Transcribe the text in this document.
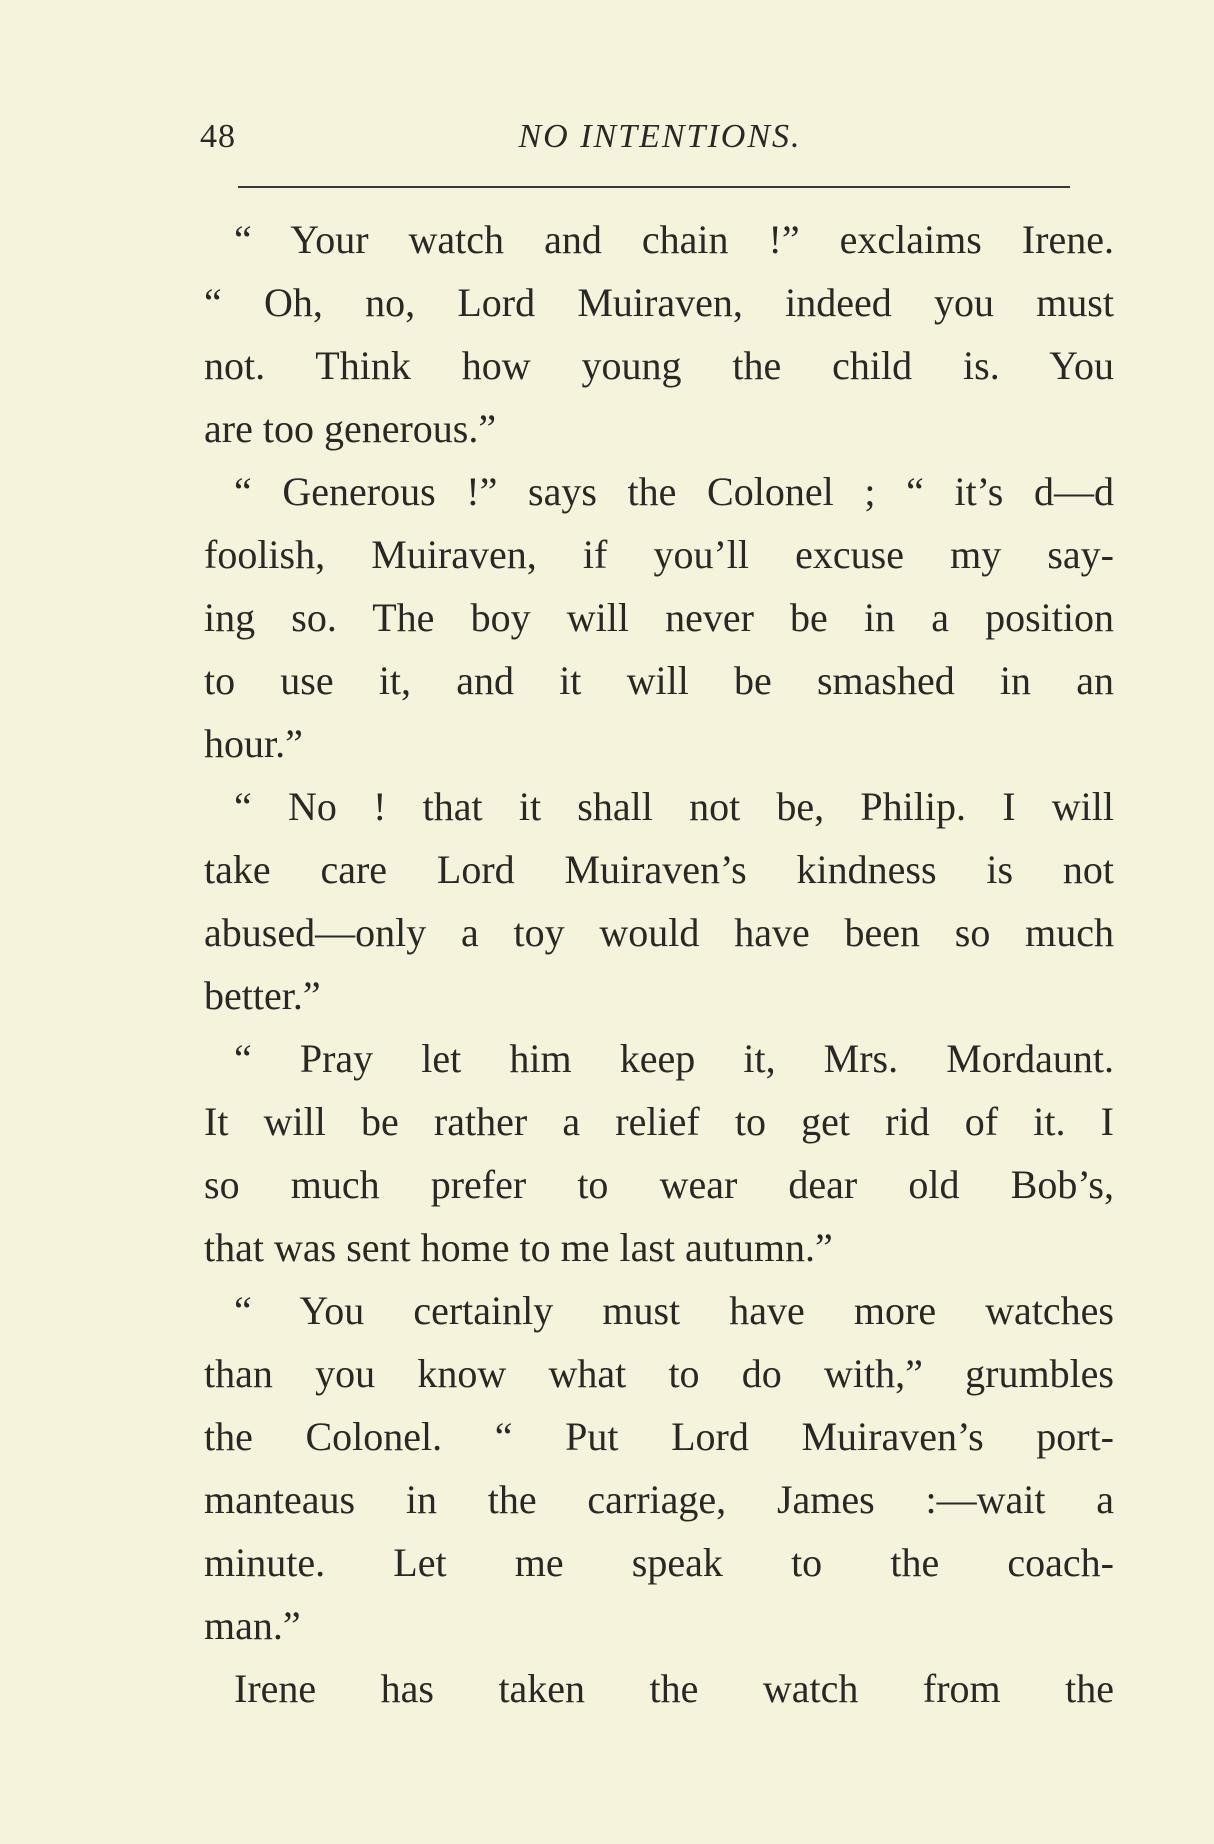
48	NO INTENTIONS.
“ Your watch and chain !” exclaims Irene.
“ Oh, no, Lord Muiraven, indeed you must
not. Think how young the child is. You
are too generous.”
“ Generous !” says the Colonel ; “ it’s d—d
foolish, Muiraven, if you’ll excuse my say-
ing so. The boy will never be in a position
to use it, and it will be smashed in an
hour.”
“ No ! that it shall not be, Philip. I will
take care Lord Muiraven’s kindness is not
abused—only a toy would have been so much
better.”
“ Pray let him keep it, Mrs. Mordaunt.
It will be rather a relief to get rid of it. I
so much prefer to wear dear old Bob’s,
that was sent home to me last autumn.”
“ You certainly must have more watches
than you know what to do with,” grumbles
the Colonel. “ Put Lord Muiraven’s port-
manteaus in the carriage, James :—wait a
minute. Let me speak to the coach-
man.”
Irene has taken the watch from the
